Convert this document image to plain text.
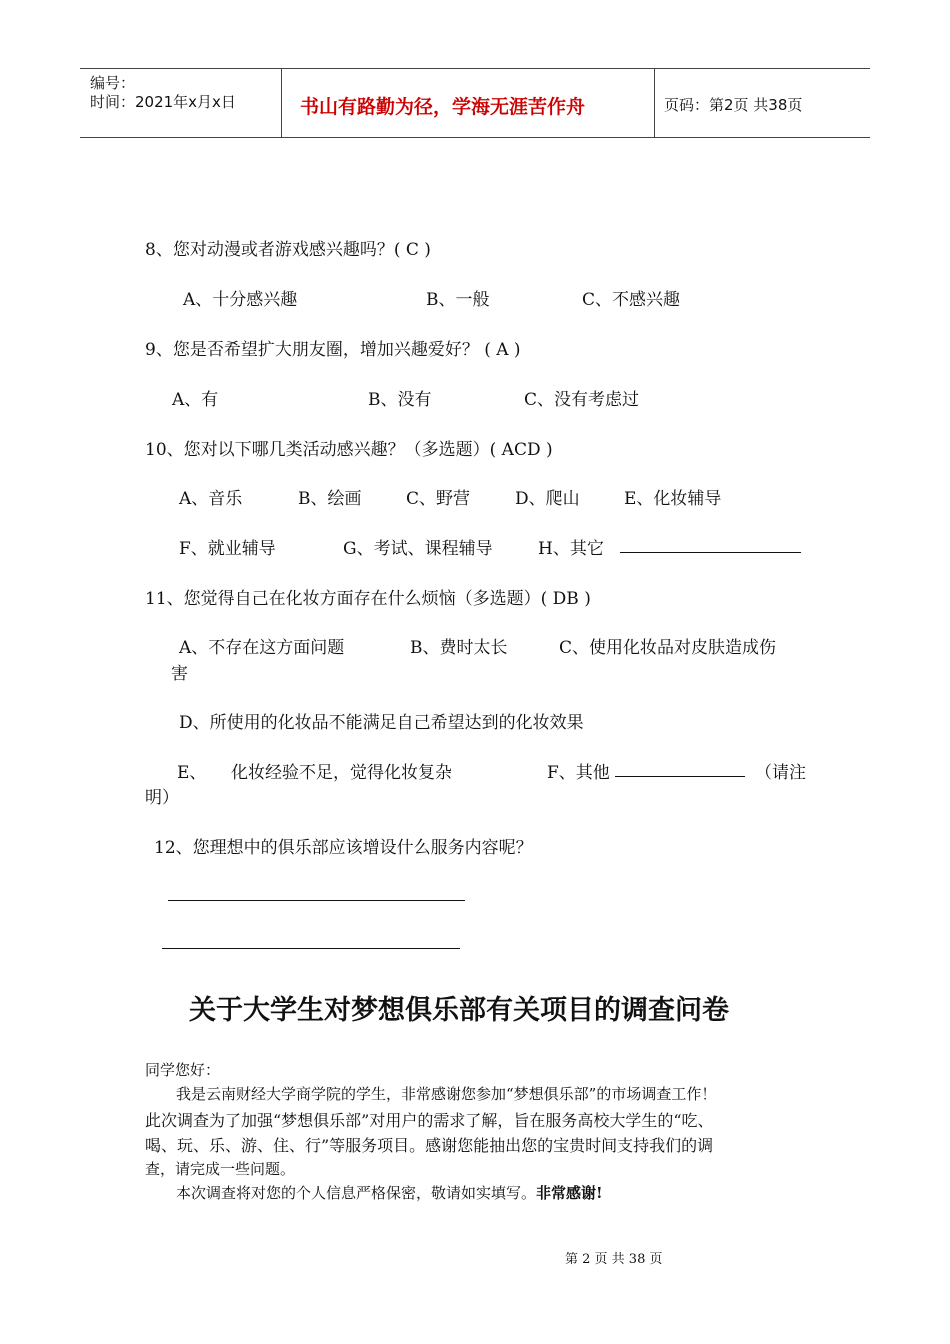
编号：
时间：2021年x月x日	书山有路勤为径，学海无涯苦作舟	页码：第2页 共38页
8、您对动漫或者游戏感兴趣吗？( C )
A、十分感兴趣	B、一般	C、不感兴趣
9、您是否希望扩大朋友圈，增加兴趣爱好？ ( A )
A、有	B、没有	C、没有考虑过
10、您对以下哪几类活动感兴趣？（多选题）( ACD )
A、音乐	B、绘画	C、野营	D、爬山	E、化妆辅导
F、就业辅导	G、考试、课程辅导	H、其它
11、您觉得自己在化妆方面存在什么烦恼（多选题）( DB )
A、不存在这方面问题	B、费时太长	C、使用化妆品对皮肤造成伤
害
D、所使用的化妆品不能满足自己希望达到的化妆效果
E、 化妆经验不足，觉得化妆复杂	F、其他	（请注
明）
12、您理想中的俱乐部应该增设什么服务内容呢？
关于大学生对梦想俱乐部有关项目的调查问卷
同学您好：
我是云南财经大学商学院的学生，非常感谢您参加“梦想俱乐部”的市场调查工作！
此次调查为了加强“梦想俱乐部”对用户的需求了解，旨在服务高校大学生的“吃、
喝、玩、乐、游、住、行”等服务项目。感谢您能抽出您的宝贵时间支持我们的调
查，请完成一些问题。
本次调查将对您的个人信息严格保密，敬请如实填写。非常感谢!
第 2 页 共 38 页
